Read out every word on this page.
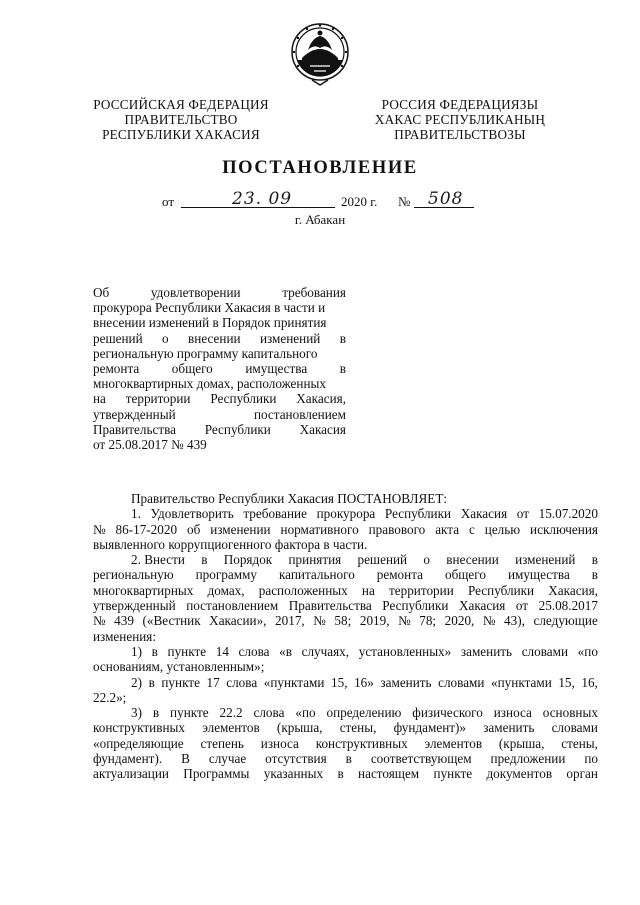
РОССИЙСКАЯ ФЕДЕРАЦИЯ
ПРАВИТЕЛЬСТВО
РЕСПУБЛИКИ ХАКАСИЯ
РОССИЯ ФЕДЕРАЦИЯЗЫ
ХАКАС РЕСПУБЛИКАНЫҢ
ПРАВИТЕЛЬСТВОЗЫ
ПОСТАНОВЛЕНИЕ
от	23. 09	2020 г. № 508
г. Абакан
Об	удовлетворении	требования
прокурора Республики Хакасия в части и
внесении изменений в Порядок принятия
решений о внесении изменений в
региональную программу капитального
ремонта общего имущества в
многоквартирных домах, расположенных
на территории Республики Хакасия,
утвержденный	постановлением
Правительства Республики Хакасия
от 25.08.2017 № 439
Правительство Республики Хакасия ПОСТАНОВЛЯЕТ:
1. Удовлетворить требование прокурора Республики Хакасия от 15.07.2020
№ 86-17-2020 об изменении нормативного правового акта с целью исключения
выявленного коррупциогенного фактора в части.
2. Внести в Порядок принятия решений о внесении изменений в
региональную программу капитального ремонта общего имущества в
многоквартирных домах, расположенных на территории Республики Хакасия,
утвержденный постановлением Правительства Республики Хакасия от 25.08.2017
№ 439 («Вестник Хакасии», 2017, № 58; 2019, № 78; 2020, № 43), следующие
изменения:
1) в пункте 14 слова «в случаях, установленных» заменить словами «по
основаниям, установленным»;
2) в пункте 17 слова «пунктами 15, 16» заменить словами «пунктами 15, 16,
22.2»;
3) в пункте 22.2 слова «по определению физического износа основных
конструктивных элементов (крыша, стены, фундамент)» заменить словами
«определяющие степень износа конструктивных элементов (крыша, стены,
фундамент). В случае отсутствия в соответствующем предложении по
актуализации Программы указанных в настоящем пункте документов орган
